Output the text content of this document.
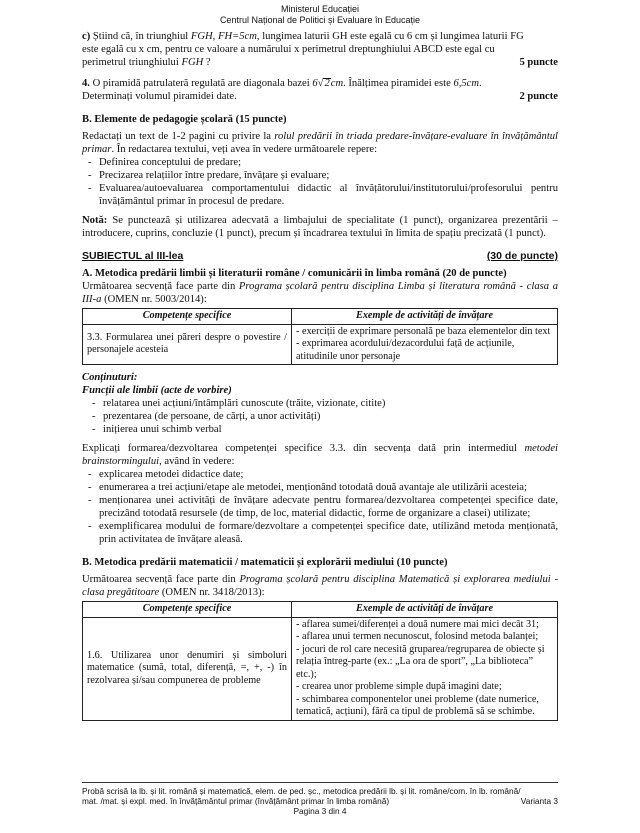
Ministerul Educației
Centrul Național de Politici și Evaluare în Educație

c) Știind că, în triunghiul FGH, FH=5cm, lungimea laturii GH este egală cu 6 cm și lungimea laturii FG

este egală cu x cm, pentru ce valoare a numărului x perimetrul dreptunghiului ABCD este egal cu

perimetrul triunghiului FGH ?	5 puncte

4. O piramidă patrulateră regulată are diagonala bazei 6√2cm. Înălțimea piramidei este 6,5cm.

Determinați volumul piramidei date.	2 puncte

B. Elemente de pedagogie școlară (15 puncte)

Redactați un text de 1-2 pagini cu privire la rolul predării în triada predare-învățare-evaluare în învățământul primar. În redactarea textului, veți avea în vedere următoarele repere:

- Definirea conceptului de predare;
- Precizarea relațiilor între predare, învățare și evaluare;
- Evaluarea/autoevaluarea comportamentului didactic al învățătorului/institutorului/profesorului pentru învățământul primar în procesul de predare.

Notă: Se punctează și utilizarea adecvată a limbajului de specialitate (1 punct), organizarea prezentării – introducere, cuprins, concluzie (1 punct), precum și încadrarea textului în limita de spațiu precizată (1 punct).

SUBIECTUL al III-lea	(30 de puncte)

A. Metodica predării limbii și literaturii române / comunicării în limba română (20 de puncte)

Următoarea secvență face parte din Programa școlară pentru disciplina Limba și literatura română - clasa a III-a (OMEN nr. 5003/2014):

Competențe specifice	Exemple de activități de învățare
3.3. Formularea unei păreri despre o povestire / personajele acesteia	- exerciții de exprimare personală pe baza elementelor din text
- exprimarea acordului/dezacordului față de acțiunile, atitudinile unor personaje

Conținuturi:

Funcții ale limbii (acte de vorbire)

- relatarea unei acțiuni/întâmplări cunoscute (trăite, vizionate, citite)
- prezentarea (de persoane, de cărți, a unor activități)
- inițierea unui schimb verbal

Explicați formarea/dezvoltarea competenței specifice 3.3. din secvența dată prin intermediul metodei brainstormingului, având în vedere:

- explicarea metodei didactice date;
- enumerarea a trei acțiuni/etape ale metodei, menționând totodată două avantaje ale utilizării acesteia;
- menționarea unei activități de învățare adecvate pentru formarea/dezvoltarea competenței specifice date, precizând totodată resursele (de timp, de loc, material didactic, forme de organizare a clasei) utilizate;
- exemplificarea modului de formare/dezvoltare a competenței specifice date, utilizând metoda menționată, prin activitatea de învățare aleasă.

B. Metodica predării matematicii / matematicii și explorării mediului (10 puncte)

Următoarea secvență face parte din Programa școlară pentru disciplina Matematică și explorarea mediului - clasa pregătitoare (OMEN nr. 3418/2013):

Competențe specifice	Exemple de activități de învățare
1.6. Utilizarea unor denumiri și simboluri matematice (sumă, total, diferență, =, +, -) în rezolvarea și/sau compunerea de probleme	- aflarea sumei/diferenței a două numere mai mici decât 31;
- aflarea unui termen necunoscut, folosind metoda balanței;
- jocuri de rol care necesită gruparea/regruparea de obiecte și relația întreg-parte (ex.: „La ora de sport”, „La biblioteca” etc.);
- crearea unor probleme simple după imagini date;
- schimbarea componentelor unei probleme (date numerice, tematică, acțiuni), fără ca tipul de problemă să se schimbe.
Probă scrisă la lb. și lit. română și matematică, elem. de ped. șc., metodica predării lb. și lit. române/com. în lb. română/
mat. /mat. și expl. med. în învățământul primar (învățământ primar în limba română)	Varianta 3
Pagina 3 din 4
